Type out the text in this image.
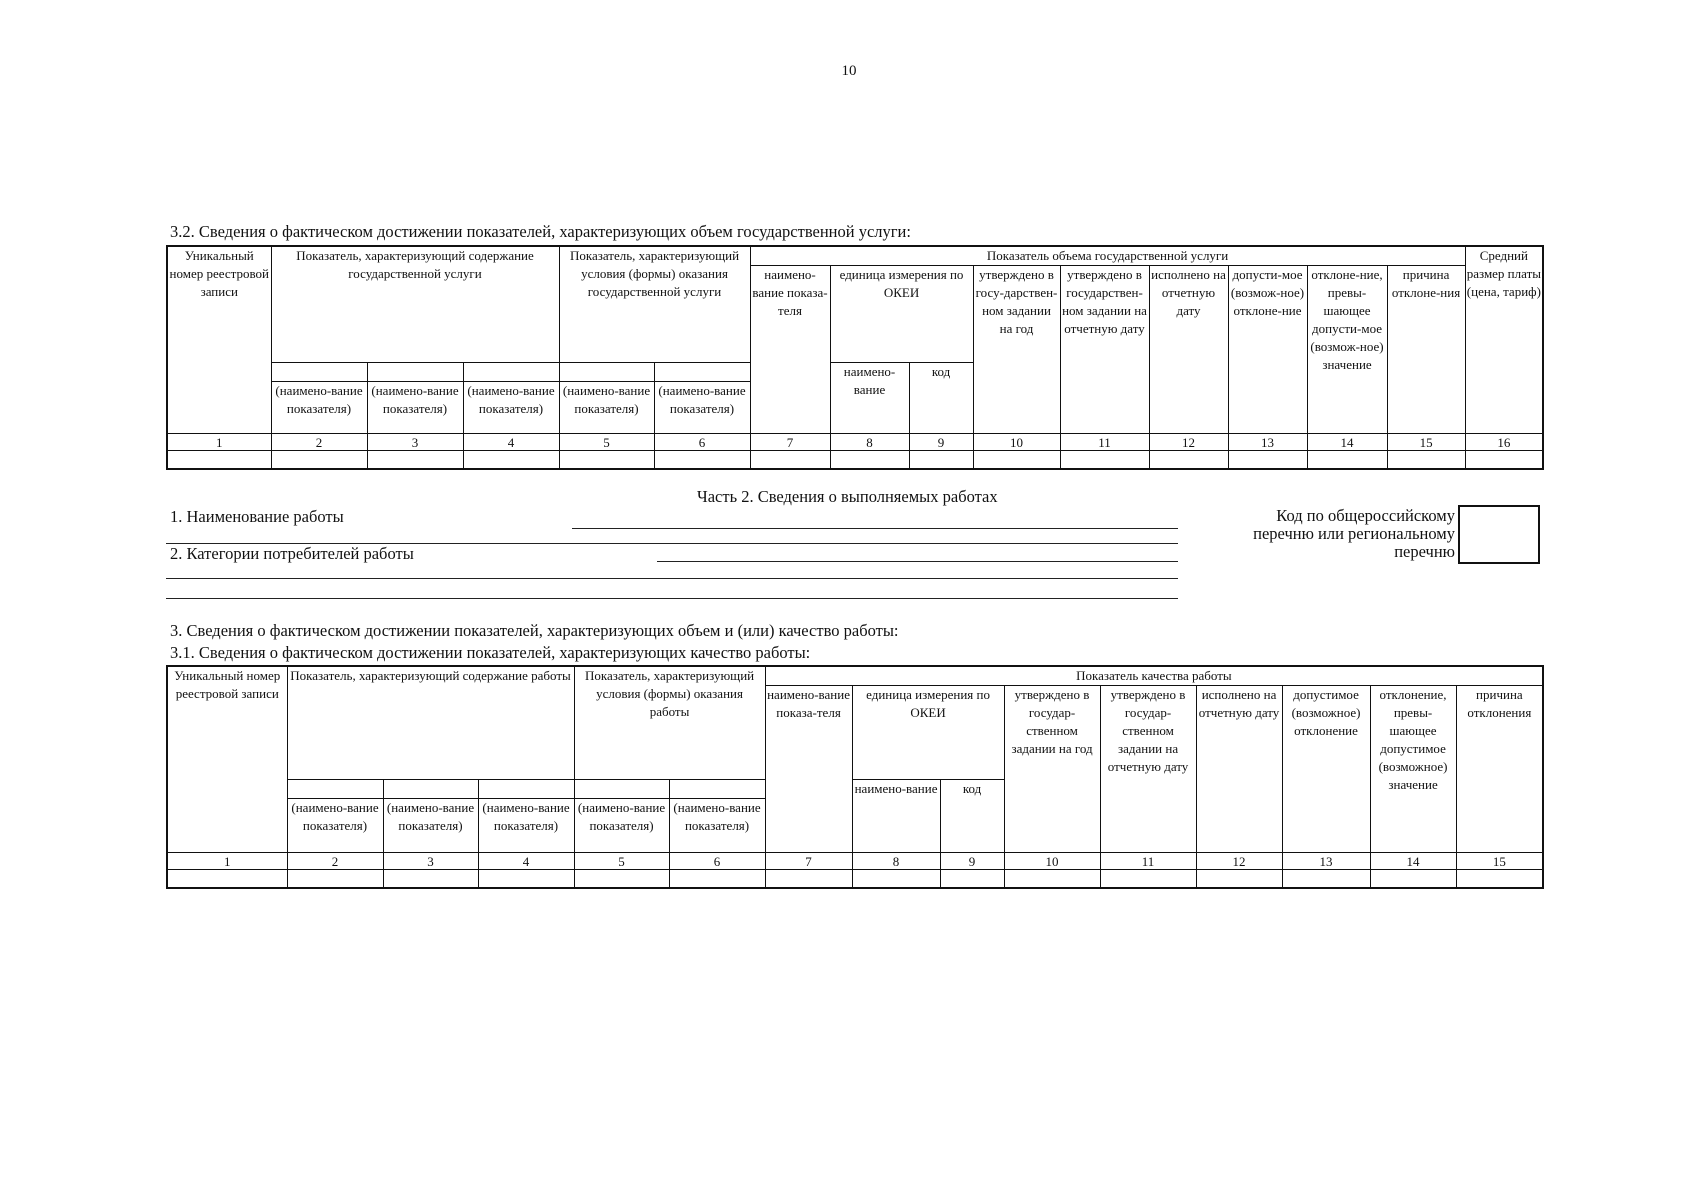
10
3.2. Сведения о фактическом достижении показателей, характеризующих объем государственной услуги:
Уникальный номер реестровой записи	Показатель, характеризующий содержание государственной услуги			Показатель, характеризующий условия (формы) оказания государственной услуги		Показатель объема государственной услуги									Средний размер платы (цена, тариф)
						наимено-вание показа-теля	единица измерения по ОКЕИ		утверждено в госу-дарствен-ном задании на год	утверждено в государствен-ном задании на отчетную дату	исполнено на отчетную дату	допусти-мое (возмож-ное) отклоне-ние	отклоне-ние, превы-шающее допусти-мое (возмож-ное) значение	причина отклоне-ния	

(наимено-вание показателя)	(наимено-вание показателя)	(наимено-вание показателя)	(наимено-вание показателя)	(наимено-вание показателя)		наимено-вание	код							
1	2	3	4	5	6	7	8	9	10	11	12	13	14	15	16

Часть 2. Сведения о выполняемых работах
1. Наименование работы
2. Категории потребителей работы
Код по общероссийскому перечню или региональному перечню
3. Сведения о фактическом достижении показателей, характеризующих объем и (или) качество работы:
3.1. Сведения о фактическом достижении показателей, характеризующих качество работы:
Уникальный номер реестровой записи	Показатель, характеризующий содержание работы			Показатель, характеризующий условия (формы) оказания работы		Показатель качества работы								
						наимено-вание показа-теля	единица измерения по ОКЕИ		утверждено в государ-ственном задании на год	утверждено в государ-ственном задании на отчетную дату	исполнено на отчетную дату	допустимое (возможное) отклонение	отклонение, превы-шающее допустимое (возможное) значение	причина отклонения

(наимено-вание показателя)	(наимено-вание показателя)	(наимено-вание показателя)	(наимено-вание показателя)	(наимено-вание показателя)		наимено-вание	код						
1	2	3	4	5	6	7	8	9	10	11	12	13	14	15
